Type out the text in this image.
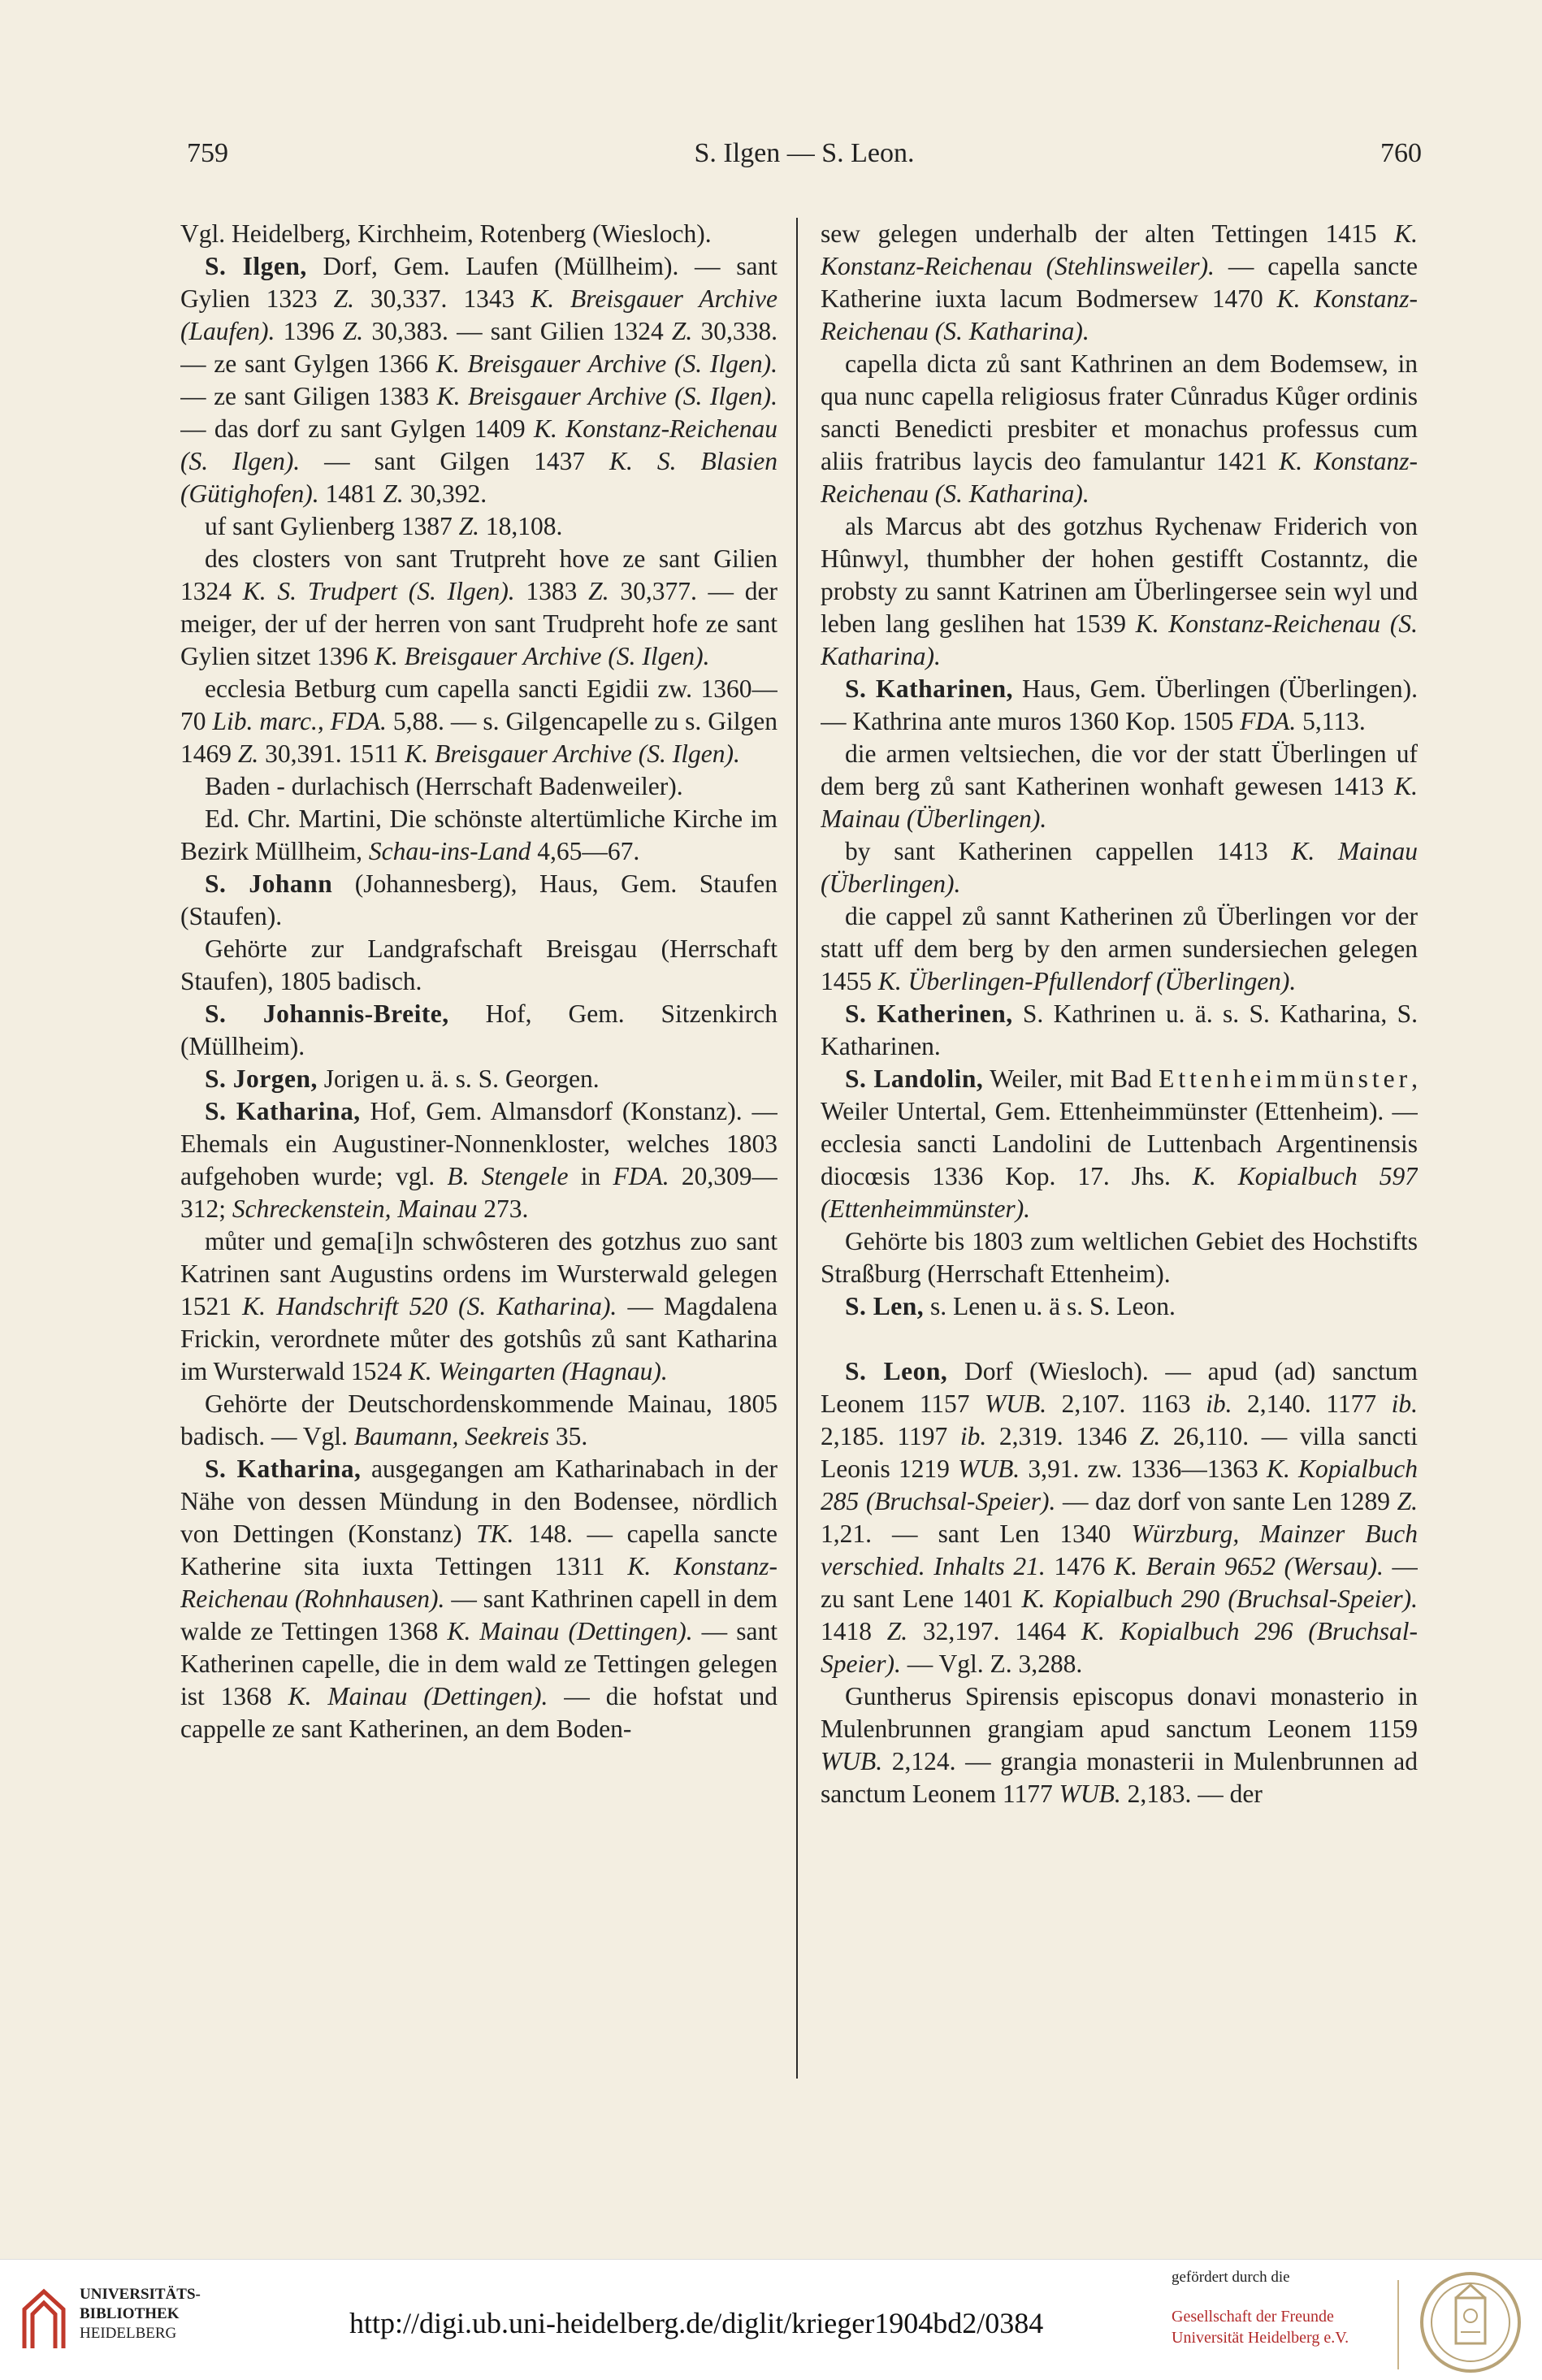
759	S. Ilgen — S. Leon.	760

Vgl. Heidelberg, Kirchheim, Rotenberg (Wiesloch).

S. Ilgen, Dorf, Gem. Laufen (Müllheim). — sant Gylien 1323 Z. 30,337. 1343 K. Breisgauer Archive (Laufen). 1396 Z. 30,383. — sant Gilien 1324 Z. 30,338. — ze sant Gylgen 1366 K. Breisgauer Archive (S. Ilgen). — ze sant Giligen 1383 K. Breisgauer Archive (S. Ilgen). — das dorf zu sant Gylgen 1409 K. Konstanz-Reichenau (S. Ilgen). — sant Gilgen 1437 K. S. Blasien (Gütighofen). 1481 Z. 30,392.

uf sant Gylienberg 1387 Z. 18,108.

des closters von sant Trutpreht hove ze sant Gilien 1324 K. S. Trudpert (S. Ilgen). 1383 Z. 30,377. — der meiger, der uf der herren von sant Trudpreht hofe ze sant Gylien sitzet 1396 K. Breisgauer Archive (S. Ilgen).

ecclesia Betburg cum capella sancti Egidii zw. 1360—70 Lib. marc., FDA. 5,88. — s. Gilgencapelle zu s. Gilgen 1469 Z. 30,391. 1511 K. Breisgauer Archive (S. Ilgen).

Baden - durlachisch (Herrschaft Badenweiler).

Ed. Chr. Martini, Die schönste altertümliche Kirche im Bezirk Müllheim, Schau-ins-Land 4,65—67.

S. Johann (Johannesberg), Haus, Gem. Staufen (Staufen).

Gehörte zur Landgrafschaft Breisgau (Herrschaft Staufen), 1805 badisch.

S. Johannis-Breite, Hof, Gem. Sitzenkirch (Müllheim).

S. Jorgen, Jorigen u. ä. s. S. Georgen.

S. Katharina, Hof, Gem. Almansdorf (Konstanz). — Ehemals ein Augustiner-Nonnenkloster, welches 1803 aufgehoben wurde; vgl. B. Stengele in FDA. 20,309—312; Schreckenstein, Mainau 273.

můter und gema[i]n schwôsteren des gotzhus zuo sant Katrinen sant Augustins ordens im Wursterwald gelegen 1521 K. Handschrift 520 (S. Katharina). — Magdalena Frickin, verordnete můter des gotshûs zů sant Katharina im Wursterwald 1524 K. Weingarten (Hagnau).

Gehörte der Deutschordenskommende Mainau, 1805 badisch. — Vgl. Baumann, Seekreis 35.

S. Katharina, ausgegangen am Katharinabach in der Nähe von dessen Mündung in den Bodensee, nördlich von Dettingen (Konstanz) TK. 148. — capella sancte Katherine sita iuxta Tettingen 1311 K. Konstanz-Reichenau (Rohnhausen). — sant Kathrinen capell in dem walde ze Tettingen 1368 K. Mainau (Dettingen). — sant Katherinen capelle, die in dem wald ze Tettingen gelegen ist 1368 K. Mainau (Dettingen). — die hofstat und cappelle ze sant Katherinen, an dem Boden-

sew gelegen underhalb der alten Tettingen 1415 K. Konstanz-Reichenau (Stehlinsweiler). — capella sancte Katherine iuxta lacum Bodmersew 1470 K. Konstanz-Reichenau (S. Katharina).

capella dicta zů sant Kathrinen an dem Bodemsew, in qua nunc capella religiosus frater Cůnradus Kůger ordinis sancti Benedicti presbiter et monachus professus cum aliis fratribus laycis deo famulantur 1421 K. Konstanz-Reichenau (S. Katharina).

als Marcus abt des gotzhus Rychenaw Friderich von Hûnwyl, thumbher der hohen gestifft Costanntz, die probsty zu sannt Katrinen am Überlingersee sein wyl und leben lang geslihen hat 1539 K. Konstanz-Reichenau (S. Katharina).

S. Katharinen, Haus, Gem. Überlingen (Überlingen). — Kathrina ante muros 1360 Kop. 1505 FDA. 5,113.

die armen veltsiechen, die vor der statt Überlingen uf dem berg zů sant Katherinen wonhaft gewesen 1413 K. Mainau (Überlingen).

by sant Katherinen cappellen 1413 K. Mainau (Überlingen).

die cappel zů sannt Katherinen zů Überlingen vor der statt uff dem berg by den armen sundersiechen gelegen 1455 K. Überlingen-Pfullendorf (Überlingen).

S. Katherinen, S. Kathrinen u. ä. s. S. Katharina, S. Katharinen.

S. Landolin, Weiler, mit Bad Ettenheimmünster, Weiler Untertal, Gem. Ettenheimmünster (Ettenheim). — ecclesia sancti Landolini de Luttenbach Argentinensis diocœsis 1336 Kop. 17. Jhs. K. Kopialbuch 597 (Ettenheimmünster).

Gehörte bis 1803 zum weltlichen Gebiet des Hochstifts Straßburg (Herrschaft Ettenheim).

S. Len, s. Lenen u. ä s. S. Leon.

S. Leon, Dorf (Wiesloch). — apud (ad) sanctum Leonem 1157 WUB. 2,107. 1163 ib. 2,140. 1177 ib. 2,185. 1197 ib. 2,319. 1346 Z. 26,110. — villa sancti Leonis 1219 WUB. 3,91. zw. 1336—1363 K. Kopialbuch 285 (Bruchsal-Speier). — daz dorf von sante Len 1289 Z. 1,21. — sant Len 1340 Würzburg, Mainzer Buch verschied. Inhalts 21. 1476 K. Berain 9652 (Wersau). — zu sant Lene 1401 K. Kopialbuch 290 (Bruchsal-Speier). 1418 Z. 32,197. 1464 K. Kopialbuch 296 (Bruchsal-Speier). — Vgl. Z. 3,288.

Guntherus Spirensis episcopus donavi monasterio in Mulenbrunnen grangiam apud sanctum Leonem 1159 WUB. 2,124. — grangia monasterii in Mulenbrunnen ad sanctum Leonem 1177 WUB. 2,183. — der

UNIVERSITÄTS-
BIBLIOTHEK
HEIDELBERG	http://digi.ub.uni-heidelberg.de/diglit/krieger1904bd2/0384
gefördert durch die
Gesellschaft der Freunde
Universität Heidelberg e.V.
